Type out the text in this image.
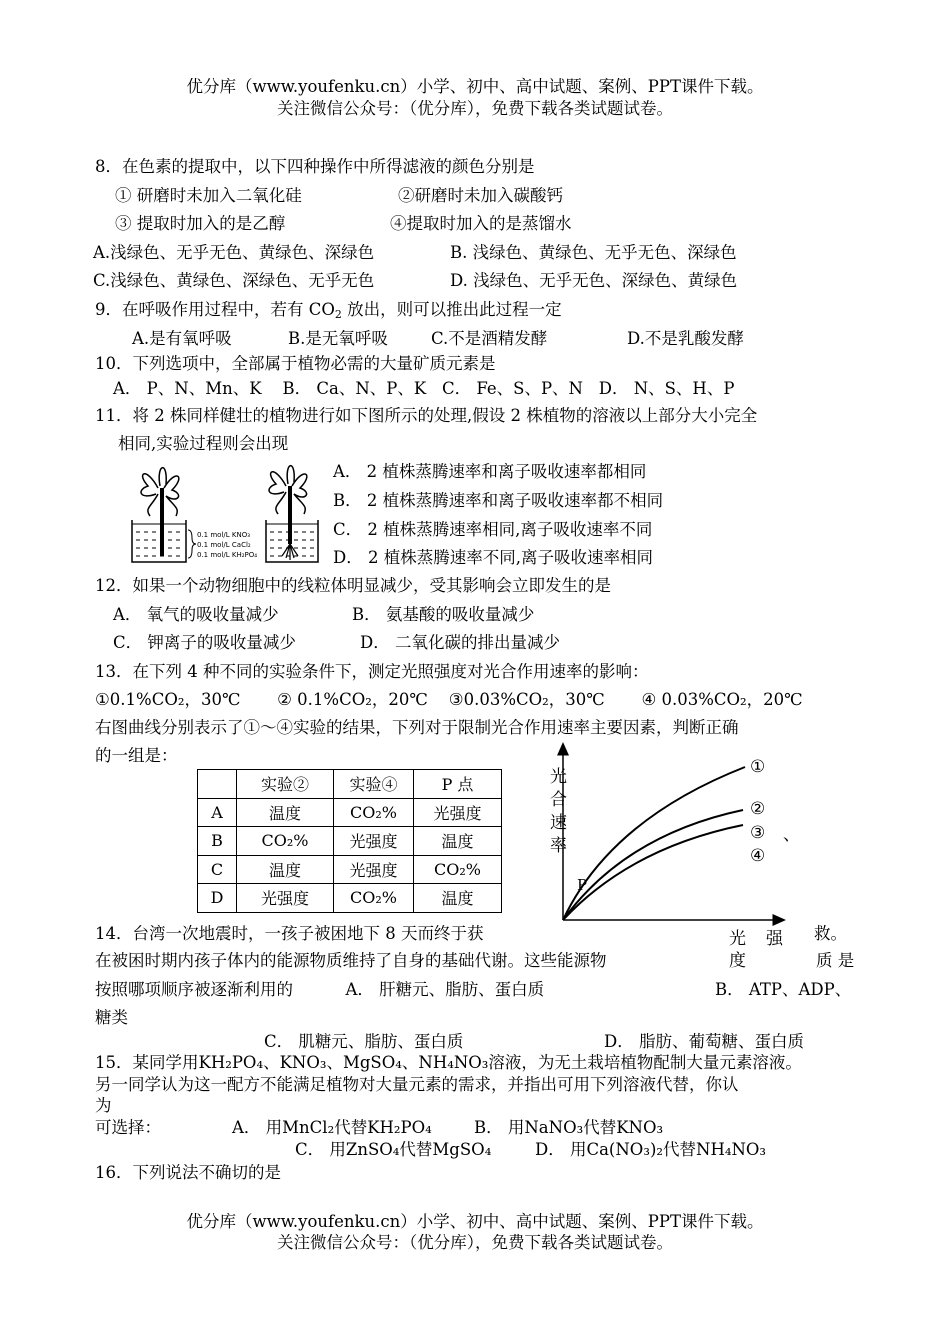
优分库（www.youfenku.cn）小学、初中、高中试题、案例、PPT课件下载。
关注微信公众号：（优分库），免费下载各类试题试卷。
8．在色素的提取中，以下四种操作中所得滤液的颜色分别是
① 研磨时未加入二氧化硅	②研磨时未加入碳酸钙
③ 提取时加入的是乙醇	④提取时加入的是蒸馏水
A.浅绿色、无乎无色、黄绿色、深绿色	B. 浅绿色、黄绿色、无乎无色、深绿色
C.浅绿色、黄绿色、深绿色、无乎无色	D. 浅绿色、无乎无色、深绿色、黄绿色
9．在呼吸作用过程中，若有 $CO_2$ 放出，则可以推出此过程一定
A.是有氧呼吸	B.是无氧呼吸	C.不是酒精发酵	D.不是乳酸发酵
10．下列选项中，全部属于植物必需的大量矿质元素是
A． P、N、Mn、K    B． Ca、N、P、K   C． Fe、S、P、N   D． N、S、H、P
11．将 2 株同样健壮的植物进行如下图所示的处理,假设 2 株植物的溶液以上部分大小完全
相同,实验过程则会出现
0.1 mol/L KNO₃
0.1 mol/L CaCl₂
0.1 mol/L KH₂PO₄
A． 2 植株蒸腾速率和离子吸收速率都相同
B． 2 植株蒸腾速率和离子吸收速率都不相同
C． 2 植株蒸腾速率相同,离子吸收速率不同
D． 2 植株蒸腾速率不同,离子吸收速率相同
12．如果一个动物细胞中的线粒体明显减少，受其影响会立即发生的是
A． 氧气的吸收量减少	B． 氨基酸的吸收量减少
C． 钾离子的吸收量减少	D． 二氧化碳的排出量减少
13．在下列 4 种不同的实验条件下，测定光照强度对光合作用速率的影响：
①0.1%CO₂，30℃       ② 0.1%CO₂，20℃    ③0.03%CO₂，30℃       ④ 0.03%CO₂，20℃
右图曲线分别表示了①～④实验的结果，下列对于限制光合作用速率主要因素，判断正确
的一组是：
	实验②	实验④	P 点
A	温度	CO₂%	光强度
B	CO₂%	光强度	温度
C	温度	光强度	CO₂%
D	光强度	CO₂%	温度
光
合
速
率
P
①
②
③ 、
④
光 强
度
14．台湾一次地震时，一孩子被困地下 8 天而终于获	救。
在被困时期内孩子体内的能源物质维持了自身的基础代谢。这些能源物	质 是
按照哪项顺序被逐渐利用的          A． 肝糖元、脂肪、蛋白质	B． ATP、ADP、
糖类
C． 肌糖元、脂肪、蛋白质	D． 脂肪、葡萄糖、蛋白质
15．某同学用KH₂PO₄、KNO₃、MgSO₄、NH₄NO₃溶液，为无土栽培植物配制大量元素溶液。
另一同学认为这一配方不能满足植物对大量元素的需求，并指出可用下列溶液代替，你认
为
可选择：	A． 用MnCl₂代替KH₂PO₄	B． 用NaNO₃代替KNO₃
C． 用ZnSO₄代替MgSO₄	D． 用Ca(NO₃)₂代替NH₄NO₃
16．下列说法不确切的是
优分库（www.youfenku.cn）小学、初中、高中试题、案例、PPT课件下载。
关注微信公众号：（优分库），免费下载各类试题试卷。
